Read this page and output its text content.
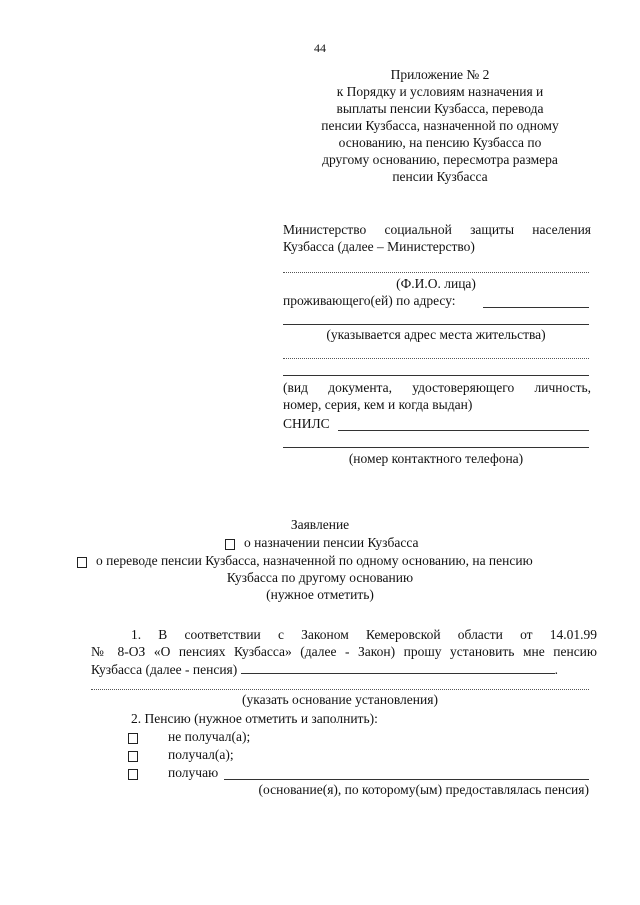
44
Приложение № 2
к Порядку и условиям назначения и
выплаты пенсии Кузбасса, перевода
пенсии Кузбасса, назначенной по одному
основанию, на пенсию Кузбасса по
другому основанию, пересмотра размера
пенсии Кузбасса
Министерство социальной защиты населения
Кузбасса (далее – Министерство)
(Ф.И.О. лица)
проживающего(ей) по адресу:
(указывается адрес места жительства)
(вид документа, удостоверяющего личность,
номер, серия, кем и когда выдан)
СНИЛС
(номер контактного телефона)
Заявление
о назначении пенсии Кузбасса
о переводе пенсии Кузбасса, назначенной по одному основанию, на пенсию
Кузбасса по другому основанию
(нужное отметить)
1. В соответствии с Законом Кемеровской области от 14.01.99
№ 8-ОЗ «О пенсиях Кузбасса» (далее - Закон) прошу установить мне пенсию
Кузбасса (далее - пенсия)	.
(указать основание установления)
2. Пенсию (нужное отметить и заполнить):
не получал(а);
получал(а);
получаю
(основание(я), по которому(ым) предоставлялась пенсия)
